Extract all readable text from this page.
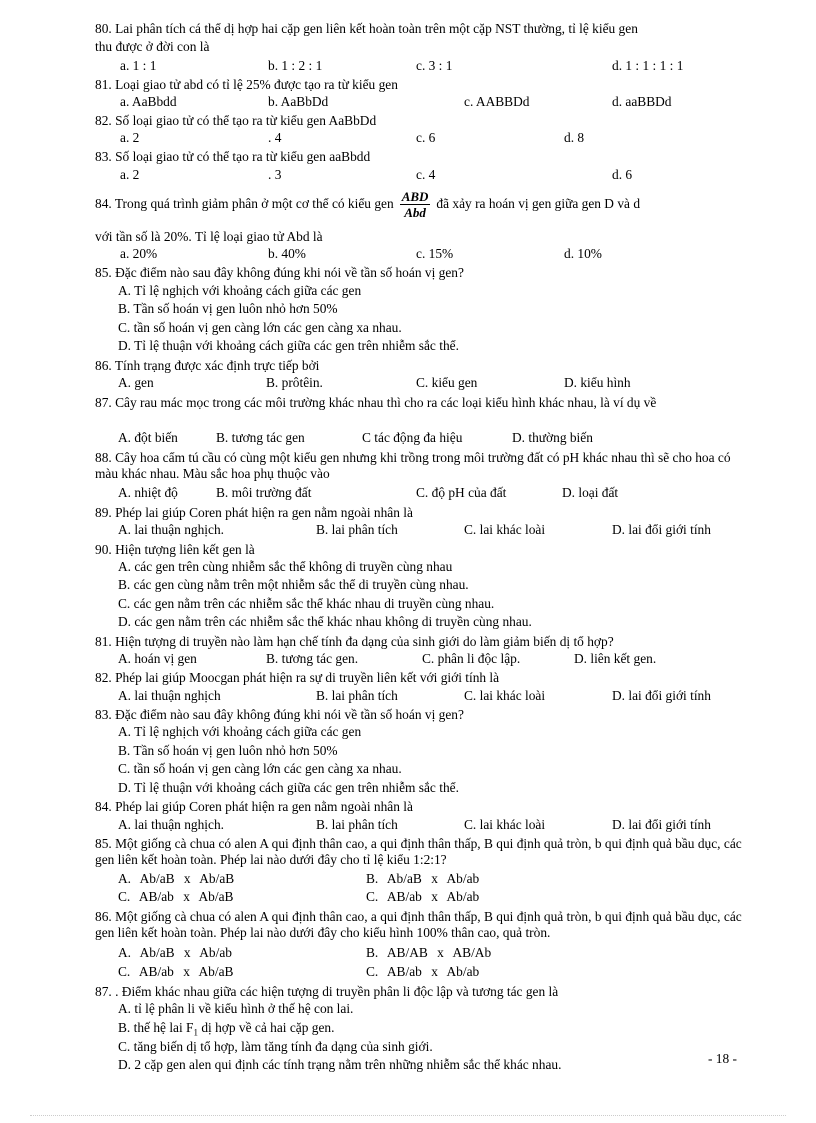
80. Lai phân tích cá thể dị hợp hai cặp gen liên kết hoàn toàn trên một cặp NST thường, tỉ lệ kiểu gen
thu được ở đời con là
a. 1 : 1	b. 1 : 2 : 1	c. 3 : 1	d. 1 : 1 : 1 : 1
81. Loại giao tử abd có tỉ lệ 25% được tạo ra từ kiểu gen
a. AaBbdd	b. AaBbDd	c. AABBDd	d. aaBBDd
82. Số loại giao tử có thể tạo ra từ kiểu gen AaBbDd
a. 2	. 4	c. 6	d. 8
83. Số loại giao tử có thể tạo ra từ kiểu gen aaBbdd
a. 2	. 3	c. 4	d. 6
84. Trong quá trình giảm phân ở một cơ thể có kiểu gen $\frac{\text{ABD}}{\text{Abd}}$ đã xảy ra hoán vị gen giữa gen D và d
với tần số là 20%. Tỉ lệ loại giao tử Abd là
a. 20%	b. 40%	c. 15%	d. 10%
85. Đặc điểm nào sau đây không đúng khi nói về tần số hoán vị gen?
A. Tỉ lệ nghịch với khoảng cách giữa các gen
B. Tần số hoán vị gen luôn nhỏ hơn 50%
C. tần số hoán vị gen càng lớn các gen càng xa nhau.
D. Tỉ lệ thuận với khoảng cách giữa các gen trên nhiễm sắc thể.
86. Tính trạng được xác định trực tiếp bởi
A. gen	B. prôtêin.	C. kiểu gen	D. kiểu hình
87. Cây rau mác mọc trong các môi trường khác nhau thì cho ra các loại kiểu hình khác nhau, là ví dụ về
A. đột biến	B. tương tác gen	C tác động đa hiệu	D. thường biến
88. Cây hoa cẩm tú cầu có cùng một kiểu gen nhưng khi trồng trong môi trường đất có pH khác nhau thì sẽ cho hoa có màu khác nhau. Màu sắc hoa phụ thuộc vào
A. nhiệt độ	B. môi trường đất	C. độ pH của đất	D. loại đất
89. Phép lai giúp Coren phát hiện ra gen nằm ngoài nhân là
A. lai thuận nghịch.	B. lai phân tích	C. lai khác loài	D. lai đổi giới tính
90. Hiện tượng liên kết gen là
A. các gen trên cùng nhiễm sắc thể không di truyền cùng nhau
B. các gen cùng nằm trên một nhiễm sắc thể di truyền cùng nhau.
C. các gen nằm trên các nhiễm sắc thể khác nhau di truyền cùng nhau.
D. các gen nằm trên các nhiễm sắc thể khác nhau không di truyền cùng nhau.
81. Hiện tượng di truyền nào làm hạn chế tính đa dạng của sinh giới do làm giảm biến dị tổ hợp?
A. hoán vị gen	B. tương tác gen.	C. phân li độc lập.	D. liên kết gen.
82. Phép lai giúp Moocgan phát hiện ra sự di truyền liên kết với giới tính là
A. lai thuận nghịch	B. lai phân tích	C. lai khác loài	D. lai đổi giới tính
83. Đặc điểm nào sau đây không đúng khi nói về tần số hoán vị gen?
A. Tỉ lệ nghịch với khoảng cách giữa các gen
B. Tần số hoán vị gen luôn nhỏ hơn 50%
C. tần số hoán vị gen càng lớn các gen càng xa nhau.
D. Tỉ lệ thuận với khoảng cách giữa các gen trên nhiễm sắc thể.
84. Phép lai giúp Coren phát hiện ra gen nằm ngoài nhân là
A. lai thuận nghịch.	B. lai phân tích	C. lai khác loài	D. lai đổi giới tính
85. Một giống cà chua có alen A qui định thân cao, a qui định thân thấp, B qui định quả tròn, b qui định quả bầu dục, các gen liên kết hoàn toàn. Phép lai nào dưới đây cho tỉ lệ kiểu 1:2:1?
A. Ab/aB x Ab/aB	B. Ab/aB x Ab/ab
C. AB/ab x Ab/aB	C. AB/ab x Ab/ab
86. Một giống cà chua có alen A qui định thân cao, a qui định thân thấp, B qui định quả tròn, b qui định quả bầu dục, các gen liên kết hoàn toàn. Phép lai nào dưới đây cho kiểu hình 100% thân cao, quả tròn.
A. Ab/aB x Ab/ab	B. AB/AB x AB/Ab
C. AB/ab x Ab/aB	C. AB/ab x Ab/ab
87. . Điểm khác nhau giữa các hiện tượng di truyền phân li độc lập và tương tác gen là
A. tỉ lệ phân li về kiểu hình ở thế hệ con lai.
B. thế hệ lai $F_1$ dị hợp về cả hai cặp gen.
C. tăng biến dị tổ hợp, làm tăng tính đa dạng của sinh giới.
D. 2 cặp gen alen qui định các tính trạng nằm trên những nhiễm sắc thể khác nhau.	- 18 -
